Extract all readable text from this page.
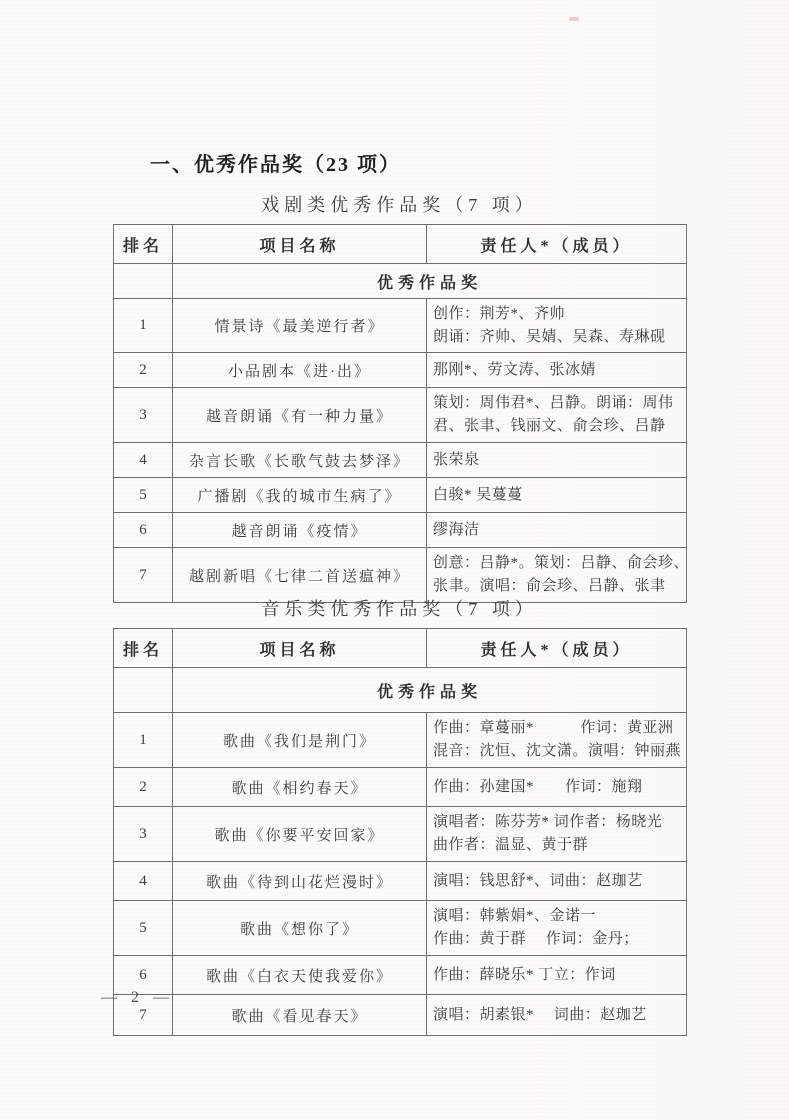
一、优秀作品奖（23 项）
戏剧类优秀作品奖（7 项）
排名	项目名称	责任人*（成员）
	优秀作品奖	
1	情景诗《最美逆行者》	创作：荆芳*、齐帅
朗诵：齐帅、吴婧、吴森、寿琳砚

2	小品剧本《进·出》	那刚*、劳文涛、张冰婧

3	越音朗诵《有一种力量》	策划：周伟君*、吕静。朗诵：周伟
君、张聿、钱丽文、俞会珍、吕静

4	杂言长歌《长歌气鼓去梦泽》	张荣泉

5	广播剧《我的城市生病了》	白骏* 吴蔓蔓

6	越音朗诵《疫情》	缪海洁

7	越剧新唱《七律二首送瘟神》	创意：吕静*。策划：吕静、俞会珍、
张聿。演唱：俞会珍、吕静、张聿
音乐类优秀作品奖（7 项）
排名	项目名称	责任人*（成员）
	优秀作品奖	
1	歌曲《我们是荆门》	作曲：章蔓丽*　　　作词：黄亚洲
混音：沈恒、沈文潇。演唱：钟丽燕

2	歌曲《相约春天》	作曲：孙建国*　　作词：施翔

3	歌曲《你要平安回家》	演唱者：陈芬芳* 词作者：杨晓光
曲作者：温显、黄于群

4	歌曲《待到山花烂漫时》	演唱：钱思舒*、词曲：赵珈艺

5	歌曲《想你了》	演唱：韩紫娟*、金诺一
作曲：黄于群　 作词：金丹；

6	歌曲《白衣天使我爱你》	作曲：薛晓乐* 丁立：作词

7	歌曲《看见春天》	演唱：胡素银*　 词曲：赵珈艺
— 2 —
